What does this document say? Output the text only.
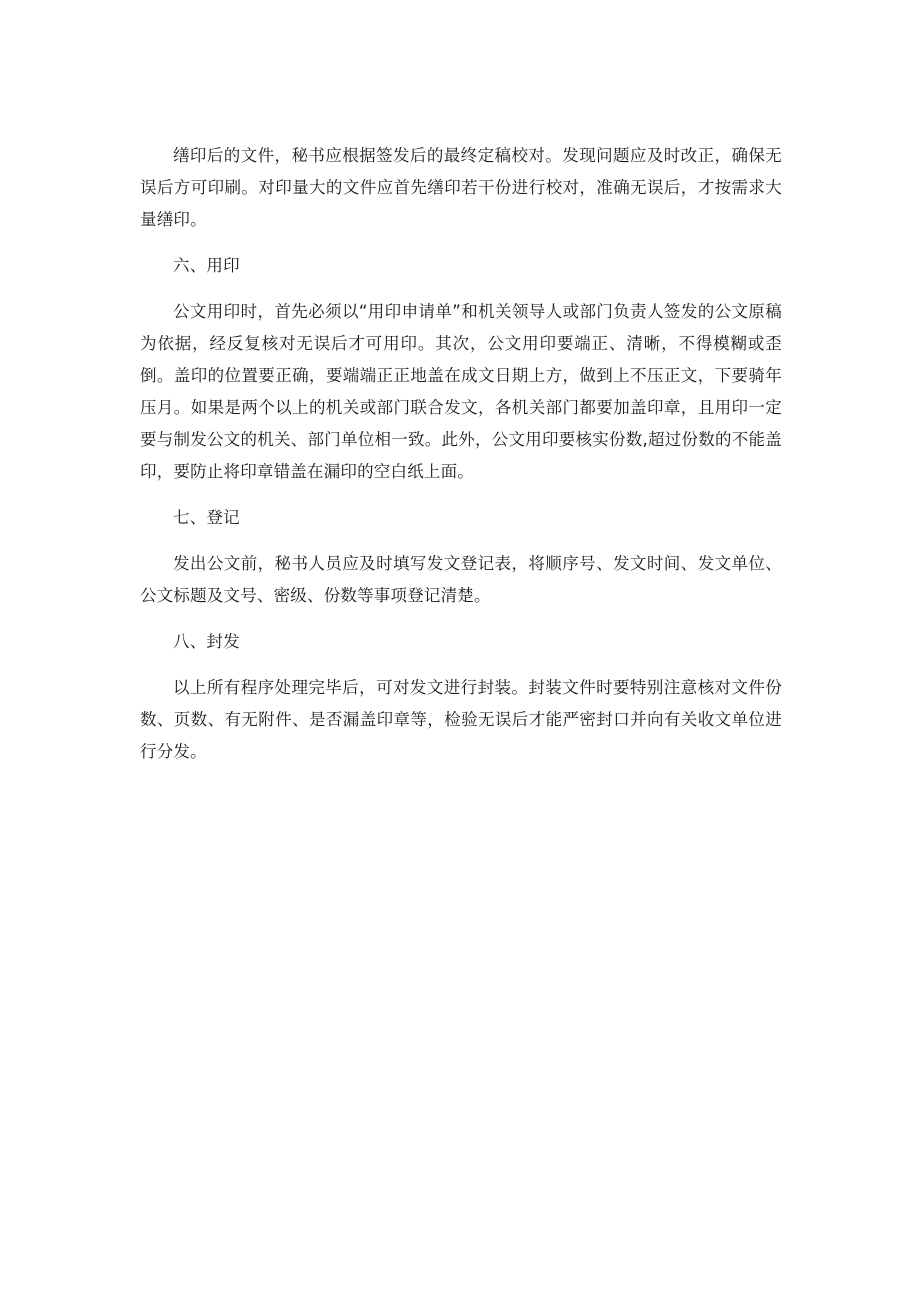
缮印后的文件，秘书应根据签发后的最终定稿校对。发现问题应及时改正，确保无误后方可印刷。对印量大的文件应首先缮印若干份进行校对，准确无误后，才按需求大量缮印。

六、用印

公文用印时，首先必须以“用印申请单”和机关领导人或部门负责人签发的公文原稿为依据，经反复核对无误后才可用印。其次，公文用印要端正、清晰，不得模糊或歪倒。盖印的位置要正确，要端端正正地盖在成文日期上方，做到上不压正文，下要骑年压月。如果是两个以上的机关或部门联合发文，各机关部门都要加盖印章，且用印一定要与制发公文的机关、部门单位相一致。此外，公文用印要核实份数,超过份数的不能盖印，要防止将印章错盖在漏印的空白纸上面。

七、登记

发出公文前，秘书人员应及时填写发文登记表，将顺序号、发文时间、发文单位、公文标题及文号、密级、份数等事项登记清楚。

八、封发

以上所有程序处理完毕后，可对发文进行封装。封装文件时要特别注意核对文件份数、页数、有无附件、是否漏盖印章等，检验无误后才能严密封口并向有关收文单位进行分发。
